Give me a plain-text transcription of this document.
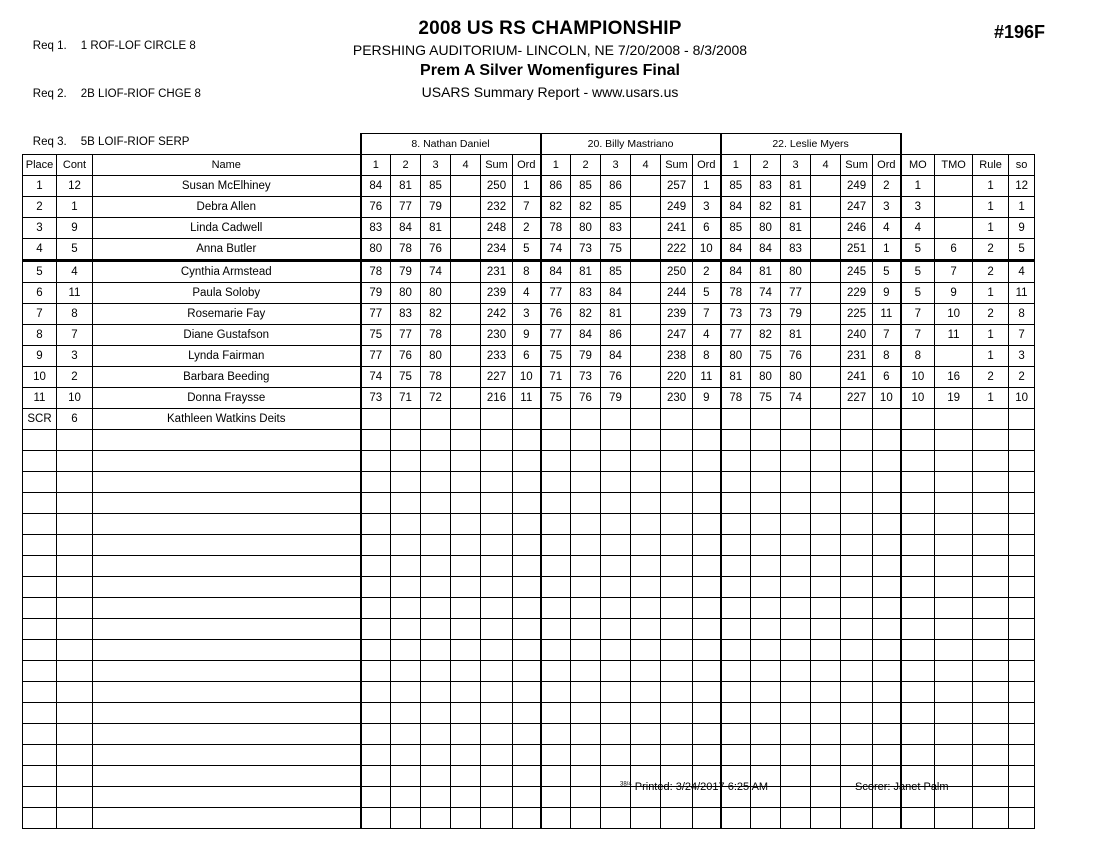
Req 1. 1 ROF-LOF CIRCLE 8

Req 2. 2B LIOF-RIOF CHGE 8

Req 3. 5B LOIF-RIOF SERP

2008 US RS CHAMPIONSHIP
PERSHING AUDITORIUM- LINCOLN, NE 7/20/2008 - 8/3/2008
Prem A Silver Womenfigures Final
USARS Summary Report - www.usars.us
#196F
			8. Nathan Daniel						20. Billy Mastriano						22. Leslie Myers									
Place	Cont	Name	1	2	3	4	Sum	Ord	1	2	3	4	Sum	Ord	1	2	3	4	Sum	Ord	MO	TMO	Rule	so
1	12	Susan McElhiney	84	81	85		250	1	86	85	86		257	1	85	83	81		249	2	1		1	12
2	1	Debra Allen	76	77	79		232	7	82	82	85		249	3	84	82	81		247	3	3		1	1
3	9	Linda Cadwell	83	84	81		248	2	78	80	83		241	6	85	80	81		246	4	4		1	9
4	5	Anna Butler	80	78	76		234	5	74	73	75		222	10	84	84	83		251	1	5	6	2	5
5	4	Cynthia Armstead	78	79	74		231	8	84	81	85		250	2	84	81	80		245	5	5	7	2	4
6	11	Paula Soloby	79	80	80		239	4	77	83	84		244	5	78	74	77		229	9	5	9	1	11
7	8	Rosemarie Fay	77	83	82		242	3	76	82	81		239	7	73	73	79		225	11	7	10	2	8
8	7	Diane Gustafson	75	77	78		230	9	77	84	86		247	4	77	82	81		240	7	7	11	1	7
9	3	Lynda Fairman	77	76	80		233	6	75	79	84		238	8	80	75	76		231	8	8		1	3
10	2	Barbara Beeding	74	75	78		227	10	71	73	76		220	11	81	80	80		241	6	10	16	2	2
11	10	Donna Fraysse	73	71	72		216	11	75	76	79		230	9	78	75	74		227	10	10	19	1	10
SCR	6	Kathleen Watkins Deits																						

$^{38/4}$ Printed: 3/24/2017 6:25 AM	Scorer: Janet Palm
